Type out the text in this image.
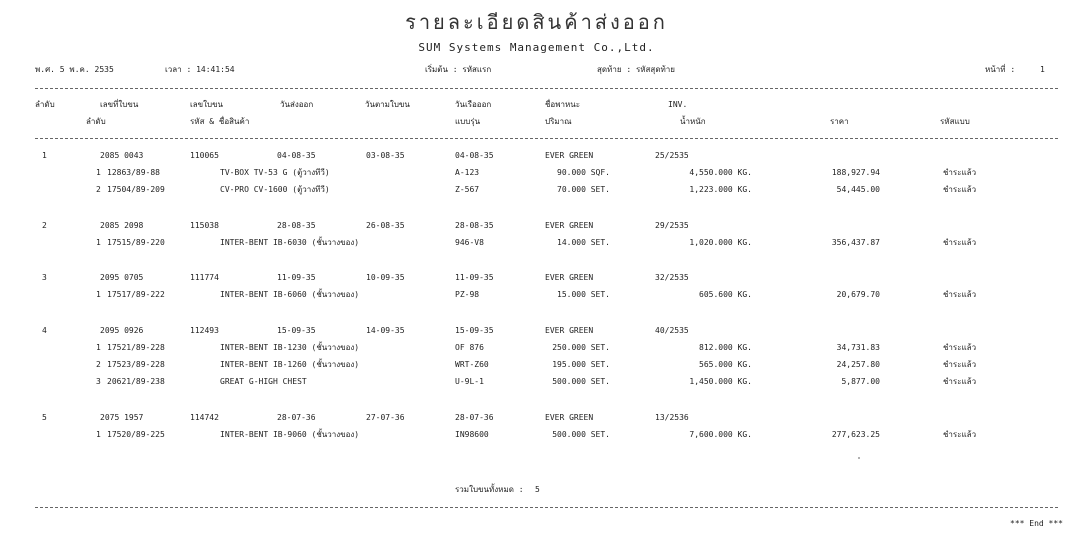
รายละเอียดสินค้าส่งออก
SUM Systems Management Co.,Ltd.
พ.ศ. 5 พ.ค. 2535	เวลา : 14:41:54	เริ่มต้น : รหัสแรก	สุดท้าย : รหัสสุดท้าย	หน้าที่ :	1
ลำดับ	เลขที่ใบขน	เลขใบขน	วันส่งออก	วันตามใบขน	วันเรือออก	ชื่อพาหนะ	INV.
ลำดับ	รหัส & ชื่อสินค้า	แบบรุ่น	ปริมาณ	น้ำหนัก	ราคา	รหัสแบบ
1	2085 0043	110065	04-08-35	03-08-35	04-08-35	EVER GREEN	25/2535
1 12863/89-88	TV-BOX TV-53 G (ตู้วางทีวี)	A-123	90.000 SQF.	4,550.000 KG.	188,927.94	ชำระแล้ว
2 17504/89-209	CV-PRO CV-1600 (ตู้วางทีวี)	Z-567	70.000 SET.	1,223.000 KG.	54,445.00	ชำระแล้ว
2	2085 2098	115038	28-08-35	26-08-35	28-08-35	EVER GREEN	29/2535
1 17515/89-220	INTER-BENT IB-6030 (ชั้นวางของ)	946-V8	14.000 SET.	1,020.000 KG.	356,437.87	ชำระแล้ว
3	2095 0705	111774	11-09-35	10-09-35	11-09-35	EVER GREEN	32/2535
1 17517/89-222	INTER-BENT IB-6060 (ชั้นวางของ)	PZ-98	15.000 SET.	605.600 KG.	20,679.70	ชำระแล้ว
4	2095 0926	112493	15-09-35	14-09-35	15-09-35	EVER GREEN	40/2535
1 17521/89-228	INTER-BENT IB-1230 (ชั้นวางของ)	OF 876	250.000 SET.	812.000 KG.	34,731.83	ชำระแล้ว
2 17523/89-228	INTER-BENT IB-1260 (ชั้นวางของ)	WRT-Z60	195.000 SET.	565.000 KG.	24,257.80	ชำระแล้ว
3 20621/89-238	GREAT G-HIGH CHEST	U-9L-1	500.000 SET.	1,450.000 KG.	5,877.00	ชำระแล้ว
5	2075 1957	114742	28-07-36	27-07-36	28-07-36	EVER GREEN	13/2536
1 17520/89-225	INTER-BENT IB-9060 (ชั้นวางของ)	IN98600	500.000 SET.	7,600.000 KG.	277,623.25	ชำระแล้ว
รวมใบขนทั้งหมด : 5
*** End ***
